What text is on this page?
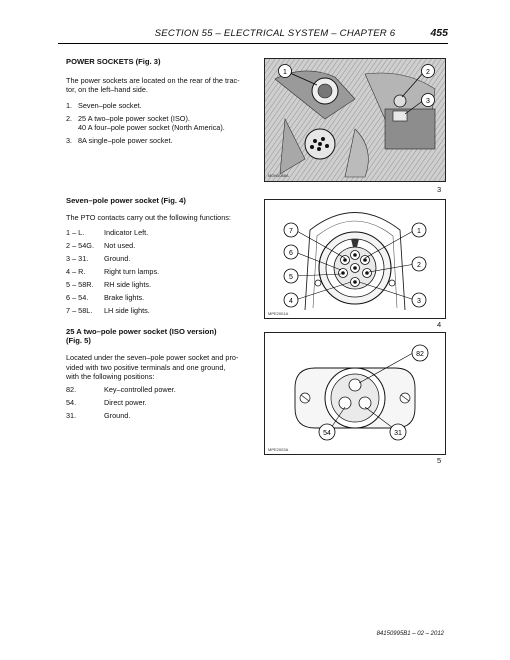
SECTION 55 – ELECTRICAL SYSTEM – CHAPTER 6	455
POWER SOCKETS (Fig. 3)
The power sockets are located on the rear of the trac-
tor, on the left–hand side.
1. Seven–pole socket.
2. 25 A two–pole power socket (ISO).
40 A four–pole power socket (North America).
3. 8A single–pole power socket.
Seven–pole power socket (Fig. 4)
The PTO contacts carry out the following functions:
1 – L.	Indicator Left.
2 – 54G. Not used.
3 – 31. Ground.
4 – R.	Right turn lamps.
5 – 58R. RH side lights.
6 – 54. Brake lights.
7 – 58L. LH side lights.
25 A two–pole power socket (ISO version)
(Fig. 5)
Located under the seven–pole power socket and pro-
vided with two positive terminals and one ground,
with the following positions:
82.	Key–controlled power.
54.	Direct power.
31.	Ground.
1	2
3
MDN5088A
3
7	1
6
2
5
4	3
MPE2001A
4
82
54	31
MPE2003A
5
84150995B1 – 02 – 2012
